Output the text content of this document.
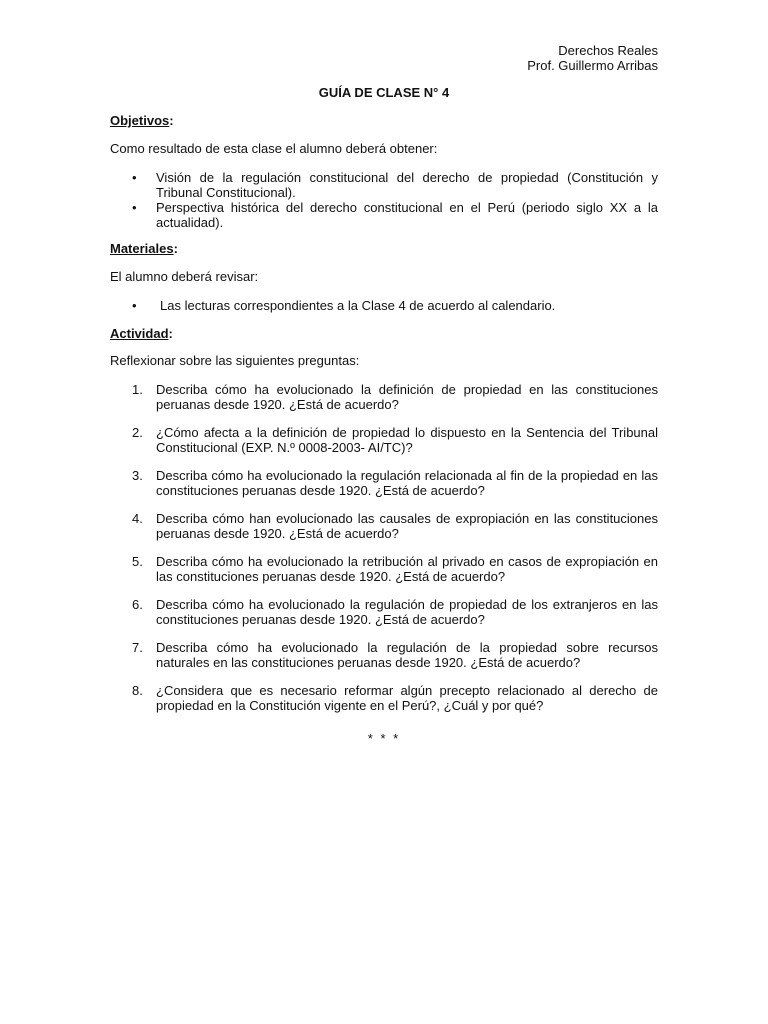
Derechos Reales
Prof. Guillermo Arribas
GUÍA DE CLASE N° 4
Objetivos:
Como resultado de esta clase el alumno deberá obtener:
• Visión de la regulación constitucional del derecho de propiedad (Constitución y Tribunal Constitucional).
• Perspectiva histórica del derecho constitucional en el Perú (periodo siglo XX a la actualidad).
Materiales:
El alumno deberá revisar:
• Las lecturas correspondientes a la Clase 4 de acuerdo al calendario.
Actividad:
Reflexionar sobre las siguientes preguntas:
1. Describa cómo ha evolucionado la definición de propiedad en las constituciones peruanas desde 1920. ¿Está de acuerdo?
2. ¿Cómo afecta a la definición de propiedad lo dispuesto en la Sentencia del Tribunal Constitucional (EXP. N.º 0008-2003- AI/TC)?
3. Describa cómo ha evolucionado la regulación relacionada al fin de la propiedad en las constituciones peruanas desde 1920. ¿Está de acuerdo?
4. Describa cómo han evolucionado las causales de expropiación en las constituciones peruanas desde 1920. ¿Está de acuerdo?
5. Describa cómo ha evolucionado la retribución al privado en casos de expropiación en las constituciones peruanas desde 1920. ¿Está de acuerdo?
6. Describa cómo ha evolucionado la regulación de propiedad de los extranjeros en las constituciones peruanas desde 1920. ¿Está de acuerdo?
7. Describa cómo ha evolucionado la regulación de la propiedad sobre recursos naturales en las constituciones peruanas desde 1920. ¿Está de acuerdo?
8. ¿Considera que es necesario reformar algún precepto relacionado al derecho de propiedad en la Constitución vigente en el Perú?, ¿Cuál y por qué?
* * *
